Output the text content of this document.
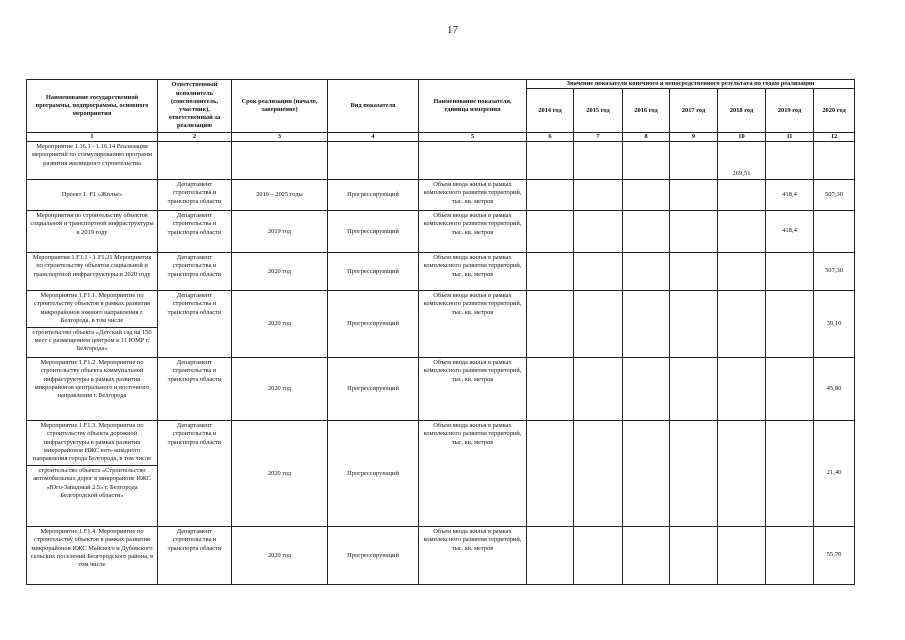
17
Наименование государственной программы, подпрограммы, основного мероприятия	Ответственный исполнитель (соисполнитель, участник), ответственный за реализацию	Срок реализации (начало, завершение)	Вид показателя	Наименование показателя, единица измерения	Значение показателя конечного и непосредственного результата по годам реализации						
					2014 год	2015 год	2016 год	2017 год	2018 год	2019 год	2020 год
1	2	3	4	5	6	7	8	9	10	11	12

Мероприятие 1.16.1 - 1.16.14 Реализация мероприятий по стимулированию программ развития жилищного строительства									269,51		

Проект 1. F1 «Жилье»	Департамент строительства и транспорта области	2019 – 2025 годы	Прогрессирующий	Объем ввода жилья в рамках комплексного развития территорий, тыс. кв. метров						418,4	507,30

Мероприятия по строительству объектов социальной и транспортной инфраструктуры в 2019 году	Департамент строительства и транспорта области	2019 год	Прогрессирующий	Объем ввода жилья в рамках комплексного развития территорий, тыс. кв. метров						418,4	

Мероприятия 1.F1.1 - 1.F1.21 Мероприятия по строительству объектов социальной и транспортной инфраструктуры в 2020 году	Департамент строительства и транспорта области	2020 год	Прогрессирующий	Объем ввода жилья в рамках комплексного развития территорий, тыс. кв. метров							507,30

Мероприятие 1.F1.1. Мероприятие по строительству объектов в рамках развития микрорайонов южного направления г. Белгорода, в том числе
строительство объекта «Детский сад на 150 мест с размещением центром в 11 ЮМР г. Белгорода»	Департамент строительства и транспорта области	2020 год	Прогрессирующий	Объем ввода жилья в рамках комплексного развития территорий, тыс. кв. метров							39,10

Мероприятие 1.F1.2. Мероприятие по строительству объекта коммунальной инфраструктуры в рамках развития микрорайонов центрального и восточного направления г. Белгорода	Департамент строительства и транспорта области	2020 год	Прогрессирующий	Объем ввода жилья в рамках комплексного развития территорий, тыс. кв. метров							45,80

Мероприятие 1.F1.3. Мероприятие по строительству объекта дорожной инфраструктуры в рамках развития микрорайонов ИЖС юго-западного направления города Белгорода, в том числе
строительство объекта «Строительство автомобильных дорог в микрорайоне ИЖС «Юго-Западный 2.5» г. Белгорода Белгородской области»	Департамент строительства и транспорта области	2020 год	Прогрессирующий	Объем ввода жилья в рамках комплексного развития территорий, тыс. кв. метров							21,40

Мероприятие 1.F1.4. Мероприятие по строительству объектов в рамках развития микрорайонов ИЖС Майского и Дубовского сельских поселений Белгородского района, в том числе	Департамент строительства и транспорта области	2020 год	Прогрессирующий	Объем ввода жилья в рамках комплексного развития территорий, тыс. кв. метров							55,70
